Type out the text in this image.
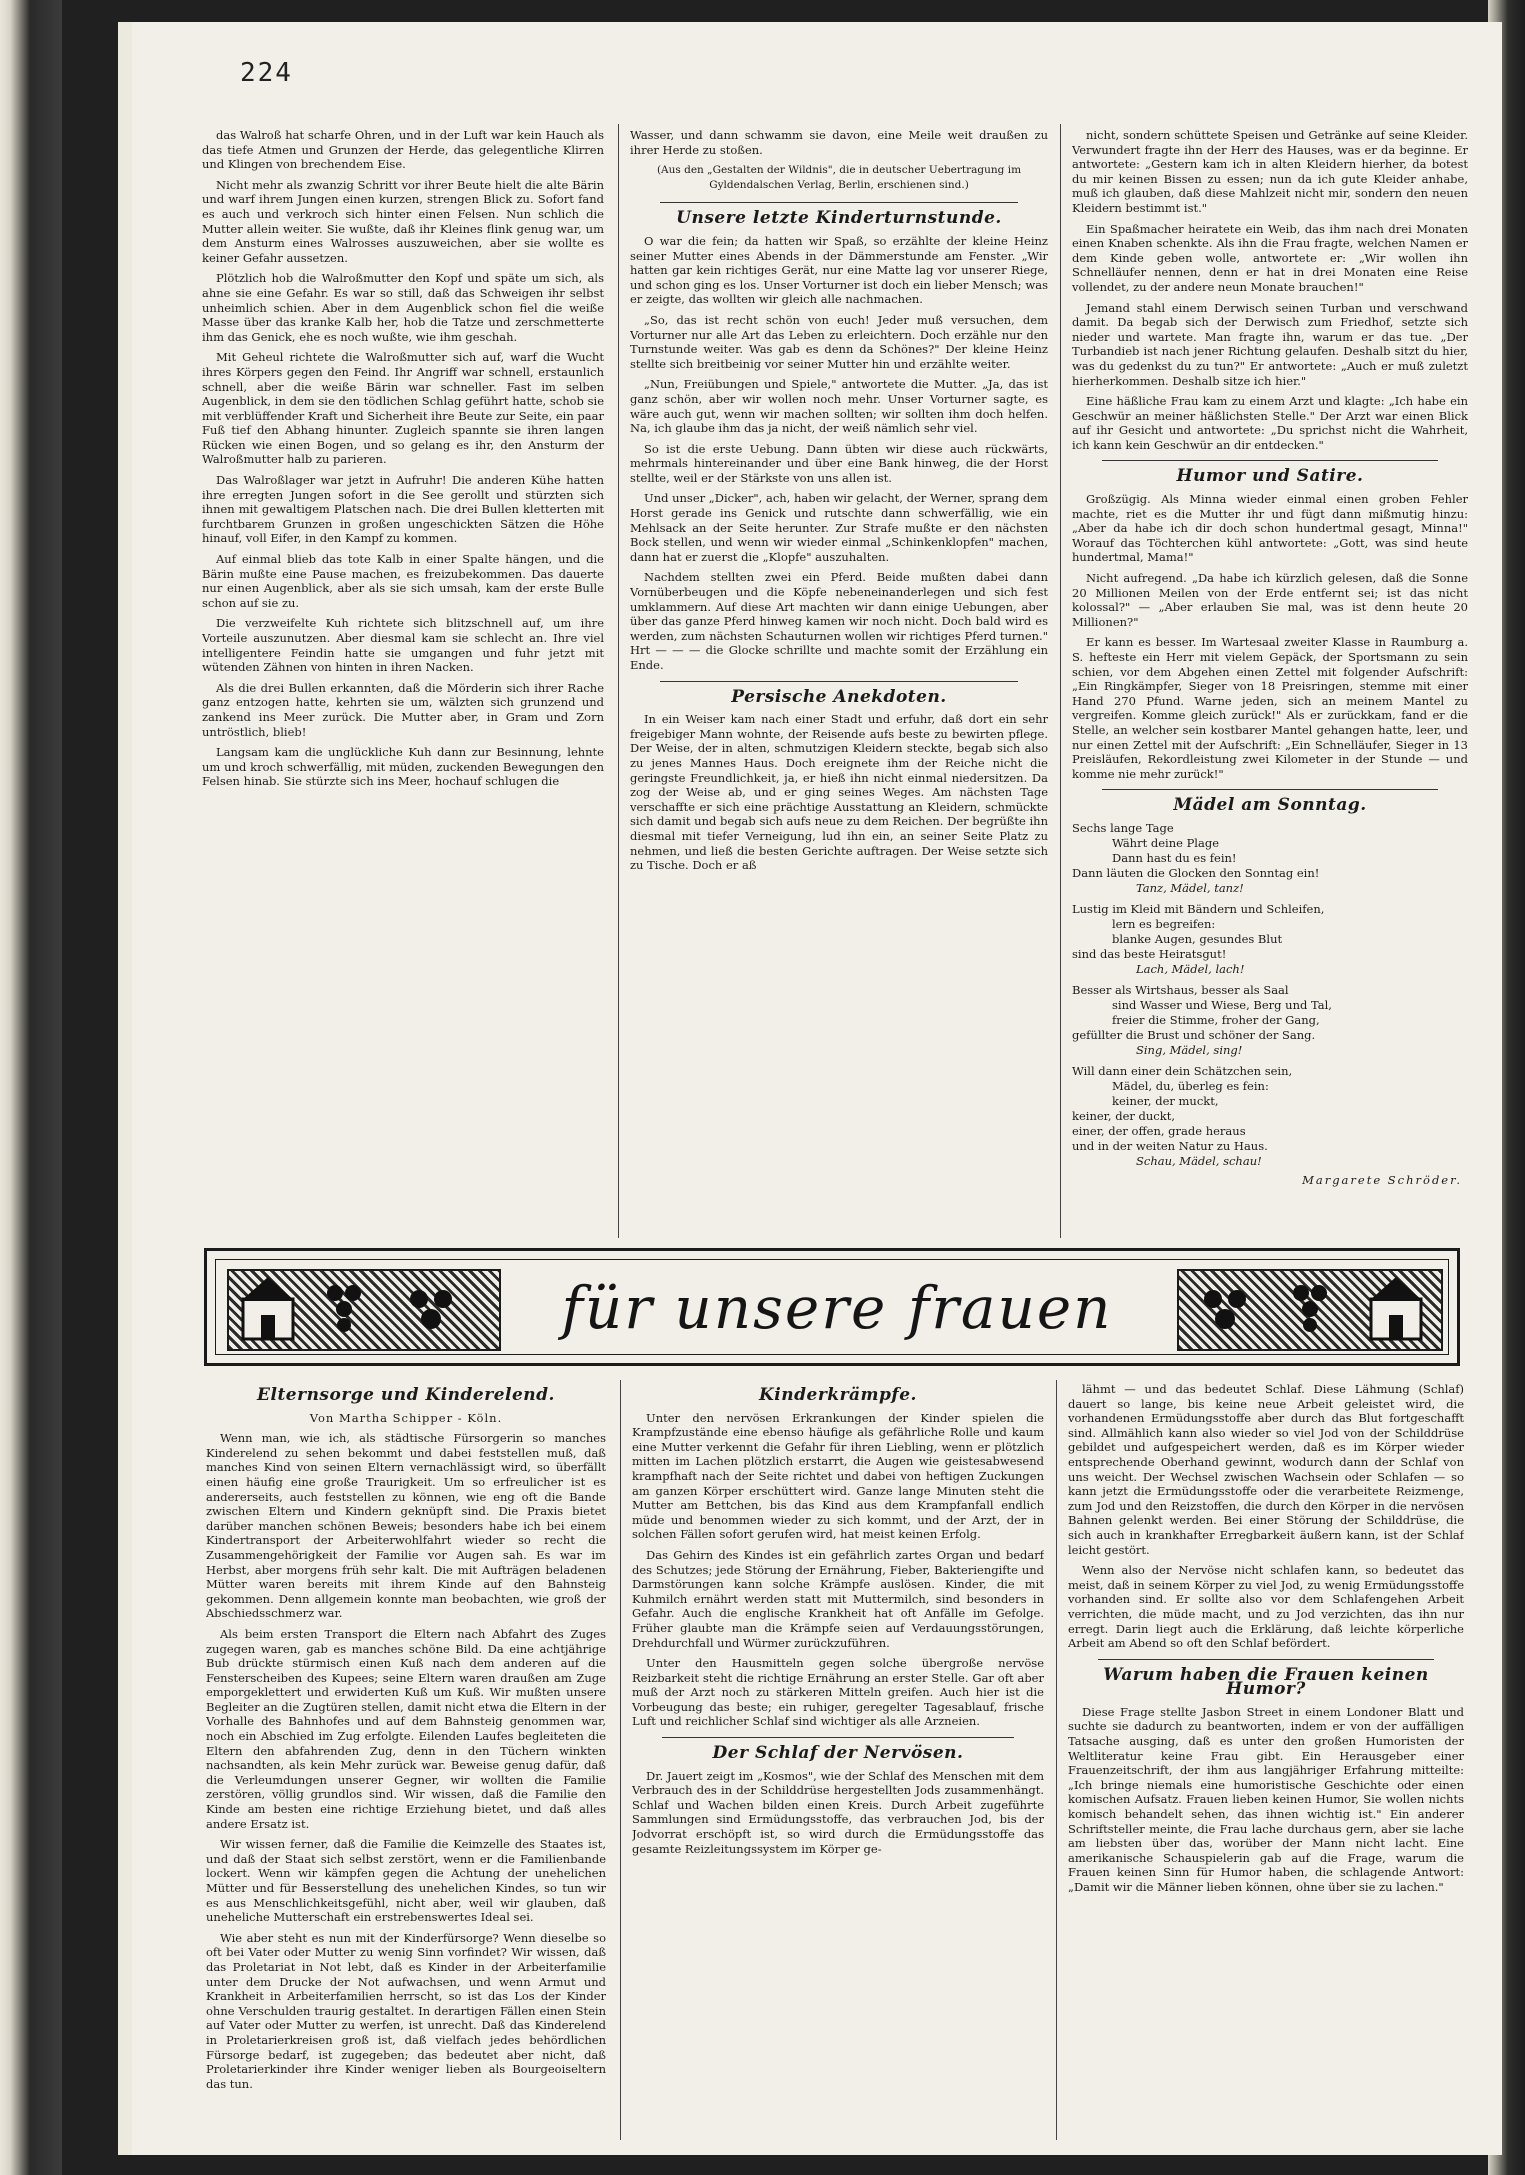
224

das Walroß hat scharfe Ohren, und in der Luft war kein Hauch als das tiefe Atmen und Grunzen der Herde, das gelegentliche Klirren und Klingen von brechendem Eise.

Nicht mehr als zwanzig Schritt vor ihrer Beute hielt die alte Bärin und warf ihrem Jungen einen kurzen, strengen Blick zu. Sofort fand es auch und verkroch sich hinter einen Felsen. Nun schlich die Mutter allein weiter. Sie wußte, daß ihr Kleines flink genug war, um dem Ansturm eines Walrosses auszuweichen, aber sie wollte es keiner Gefahr aussetzen.

Plötzlich hob die Walroßmutter den Kopf und späte um sich, als ahne sie eine Gefahr. Es war so still, daß das Schweigen ihr selbst unheimlich schien. Aber in dem Augenblick schon fiel die weiße Masse über das kranke Kalb her, hob die Tatze und zerschmetterte ihm das Genick, ehe es noch wußte, wie ihm geschah.

Mit Geheul richtete die Walroßmutter sich auf, warf die Wucht ihres Körpers gegen den Feind. Ihr Angriff war schnell, erstaunlich schnell, aber die weiße Bärin war schneller. Fast im selben Augenblick, in dem sie den tödlichen Schlag geführt hatte, schob sie mit verblüffender Kraft und Sicherheit ihre Beute zur Seite, ein paar Fuß tief den Abhang hinunter. Zugleich spannte sie ihren langen Rücken wie einen Bogen, und so gelang es ihr, den Ansturm der Walroßmutter halb zu parieren.

Das Walroßlager war jetzt in Aufruhr! Die anderen Kühe hatten ihre erregten Jungen sofort in die See gerollt und stürzten sich ihnen mit gewaltigem Platschen nach. Die drei Bullen kletterten mit furchtbarem Grunzen in großen ungeschickten Sätzen die Höhe hinauf, voll Eifer, in den Kampf zu kommen.

Auf einmal blieb das tote Kalb in einer Spalte hängen, und die Bärin mußte eine Pause machen, es freizubekommen. Das dauerte nur einen Augenblick, aber als sie sich umsah, kam der erste Bulle schon auf sie zu.

Die verzweifelte Kuh richtete sich blitzschnell auf, um ihre Vorteile auszunutzen. Aber diesmal kam sie schlecht an. Ihre viel intelligentere Feindin hatte sie umgangen und fuhr jetzt mit wütenden Zähnen von hinten in ihren Nacken.

Als die drei Bullen erkannten, daß die Mörderin sich ihrer Rache ganz entzogen hatte, kehrten sie um, wälzten sich grunzend und zankend ins Meer zurück. Die Mutter aber, in Gram und Zorn untröstlich, blieb!

Langsam kam die unglückliche Kuh dann zur Besinnung, lehnte um und kroch schwerfällig, mit müden, zuckenden Bewegungen den Felsen hinab. Sie stürzte sich ins Meer, hochauf schlugen die

Wasser, und dann schwamm sie davon, eine Meile weit draußen zu ihrer Herde zu stoßen.

(Aus den „Gestalten der Wildnis", die in deutscher Uebertragung im Gyldendalschen Verlag, Berlin, erschienen sind.)
Unsere letzte Kinderturnstunde.

O war die fein; da hatten wir Spaß, so erzählte der kleine Heinz seiner Mutter eines Abends in der Dämmerstunde am Fenster. „Wir hatten gar kein richtiges Gerät, nur eine Matte lag vor unserer Riege, und schon ging es los. Unser Vorturner ist doch ein lieber Mensch; was er zeigte, das wollten wir gleich alle nachmachen.

„So, das ist recht schön von euch! Jeder muß versuchen, dem Vorturner nur alle Art das Leben zu erleichtern. Doch erzähle nur den Turnstunde weiter. Was gab es denn da Schönes?" Der kleine Heinz stellte sich breitbeinig vor seiner Mutter hin und erzählte weiter.

„Nun, Freiübungen und Spiele," antwortete die Mutter. „Ja, das ist ganz schön, aber wir wollen noch mehr. Unser Vorturner sagte, es wäre auch gut, wenn wir machen sollten; wir sollten ihm doch helfen. Na, ich glaube ihm das ja nicht, der weiß nämlich sehr viel.

So ist die erste Uebung. Dann übten wir diese auch rückwärts, mehrmals hintereinander und über eine Bank hinweg, die der Horst stellte, weil er der Stärkste von uns allen ist.

Und unser „Dicker", ach, haben wir gelacht, der Werner, sprang dem Horst gerade ins Genick und rutschte dann schwerfällig, wie ein Mehlsack an der Seite herunter. Zur Strafe mußte er den nächsten Bock stellen, und wenn wir wieder einmal „Schinkenklopfen" machen, dann hat er zuerst die „Klopfe" auszuhalten.

Nachdem stellten zwei ein Pferd. Beide mußten dabei dann Vornüberbeugen und die Köpfe nebeneinanderlegen und sich fest umklammern. Auf diese Art machten wir dann einige Uebungen, aber über das ganze Pferd hinweg kamen wir noch nicht. Doch bald wird es werden, zum nächsten Schauturnen wollen wir richtiges Pferd turnen." Hrt — — — die Glocke schrillte und machte somit der Erzählung ein Ende.

Persische Anekdoten.

In ein Weiser kam nach einer Stadt und erfuhr, daß dort ein sehr freigebiger Mann wohnte, der Reisende aufs beste zu bewirten pflege. Der Weise, der in alten, schmutzigen Kleidern steckte, begab sich also zu jenes Mannes Haus. Doch ereignete ihm der Reiche nicht die geringste Freundlichkeit, ja, er hieß ihn nicht einmal niedersitzen. Da zog der Weise ab, und er ging seines Weges. Am nächsten Tage verschaffte er sich eine prächtige Ausstattung an Kleidern, schmückte sich damit und begab sich aufs neue zu dem Reichen. Der begrüßte ihn diesmal mit tiefer Verneigung, lud ihn ein, an seiner Seite Platz zu nehmen, und ließ die besten Gerichte auftragen. Der Weise setzte sich zu Tische. Doch er aß

nicht, sondern schüttete Speisen und Getränke auf seine Kleider. Verwundert fragte ihn der Herr des Hauses, was er da beginne. Er antwortete: „Gestern kam ich in alten Kleidern hierher, da botest du mir keinen Bissen zu essen; nun da ich gute Kleider anhabe, muß ich glauben, daß diese Mahlzeit nicht mir, sondern den neuen Kleidern bestimmt ist."

Ein Spaßmacher heiratete ein Weib, das ihm nach drei Monaten einen Knaben schenkte. Als ihn die Frau fragte, welchen Namen er dem Kinde geben wolle, antwortete er: „Wir wollen ihn Schnelläufer nennen, denn er hat in drei Monaten eine Reise vollendet, zu der andere neun Monate brauchen!"

Jemand stahl einem Derwisch seinen Turban und verschwand damit. Da begab sich der Derwisch zum Friedhof, setzte sich nieder und wartete. Man fragte ihn, warum er das tue. „Der Turbandieb ist nach jener Richtung gelaufen. Deshalb sitzt du hier, was du gedenkst du zu tun?" Er antwortete: „Auch er muß zuletzt hierherkommen. Deshalb sitze ich hier."

Eine häßliche Frau kam zu einem Arzt und klagte: „Ich habe ein Geschwür an meiner häßlichsten Stelle." Der Arzt war einen Blick auf ihr Gesicht und antwortete: „Du sprichst nicht die Wahrheit, ich kann kein Geschwür an dir entdecken."

Humor und Satire.

Großzügig. Als Minna wieder einmal einen groben Fehler machte, riet es die Mutter ihr und fügt dann mißmutig hinzu: „Aber da habe ich dir doch schon hundertmal gesagt, Minna!" Worauf das Töchterchen kühl antwortete: „Gott, was sind heute hundertmal, Mama!"

Nicht aufregend. „Da habe ich kürzlich gelesen, daß die Sonne 20 Millionen Meilen von der Erde entfernt sei; ist das nicht kolossal?" — „Aber erlauben Sie mal, was ist denn heute 20 Millionen?"

Er kann es besser. Im Wartesaal zweiter Klasse in Raumburg a. S. hefteste ein Herr mit vielem Gepäck, der Sportsmann zu sein schien, vor dem Abgehen einen Zettel mit folgender Aufschrift: „Ein Ringkämpfer, Sieger von 18 Preisringen, stemme mit einer Hand 270 Pfund. Warne jeden, sich an meinem Mantel zu vergreifen. Komme gleich zurück!" Als er zurückkam, fand er die Stelle, an welcher sein kostbarer Mantel gehangen hatte, leer, und nur einen Zettel mit der Aufschrift: „Ein Schnelläufer, Sieger in 13 Preisläufen, Rekordleistung zwei Kilometer in der Stunde — und komme nie mehr zurück!"

Mädel am Sonntag.
Sechs lange Tage
Währt deine Plage
Dann hast du es fein!
Dann läuten die Glocken den Sonntag ein!
Tanz, Mädel, tanz!

Lustig im Kleid mit Bändern und Schleifen,
lern es begreifen:
blanke Augen, gesundes Blut
sind das beste Heiratsgut!
Lach, Mädel, lach!

Besser als Wirtshaus, besser als Saal
sind Wasser und Wiese, Berg und Tal,
freier die Stimme, froher der Gang,
gefüllter die Brust und schöner der Sang.
Sing, Mädel, sing!

Will dann einer dein Schätzchen sein,
Mädel, du, überleg es fein:
keiner, der muckt,
keiner, der duckt,
einer, der offen, grade heraus
und in der weiten Natur zu Haus.
Schau, Mädel, schau!
Margarete Schröder.
für unsere frauen
Elternsorge und Kinderelend.
Von Martha Schipper - Köln.

Wenn man, wie ich, als städtische Fürsorgerin so manches Kinderelend zu sehen bekommt und dabei feststellen muß, daß manches Kind von seinen Eltern vernachlässigt wird, so überfällt einen häufig eine große Traurigkeit. Um so erfreulicher ist es andererseits, auch feststellen zu können, wie eng oft die Bande zwischen Eltern und Kindern geknüpft sind. Die Praxis bietet darüber manchen schönen Beweis; besonders habe ich bei einem Kindertransport der Arbeiterwohlfahrt wieder so recht die Zusammengehörigkeit der Familie vor Augen sah. Es war im Herbst, aber morgens früh sehr kalt. Die mit Aufträgen beladenen Mütter waren bereits mit ihrem Kinde auf den Bahnsteig gekommen. Denn allgemein konnte man beobachten, wie groß der Abschiedsschmerz war.

Als beim ersten Transport die Eltern nach Abfahrt des Zuges zugegen waren, gab es manches schöne Bild. Da eine achtjährige Bub drückte stürmisch einen Kuß nach dem anderen auf die Fensterscheiben des Kupees; seine Eltern waren draußen am Zuge emporgeklettert und erwiderten Kuß um Kuß. Wir mußten unsere Begleiter an die Zugtüren stellen, damit nicht etwa die Eltern in der Vorhalle des Bahnhofes und auf dem Bahnsteig genommen war, noch ein Abschied im Zug erfolgte. Eilenden Laufes begleiteten die Eltern den abfahrenden Zug, denn in den Tüchern winkten nachsandten, als kein Mehr zurück war. Beweise genug dafür, daß die Verleumdungen unserer Gegner, wir wollten die Familie zerstören, völlig grundlos sind. Wir wissen, daß die Familie den Kinde am besten eine richtige Erziehung bietet, und daß alles andere Ersatz ist.

Wir wissen ferner, daß die Familie die Keimzelle des Staates ist, und daß der Staat sich selbst zerstört, wenn er die Familienbande lockert. Wenn wir kämpfen gegen die Achtung der unehelichen Mütter und für Besserstellung des unehelichen Kindes, so tun wir es aus Menschlichkeitsgefühl, nicht aber, weil wir glauben, daß uneheliche Mutterschaft ein erstrebenswertes Ideal sei.

Wie aber steht es nun mit der Kinderfürsorge? Wenn dieselbe so oft bei Vater oder Mutter zu wenig Sinn vorfindet? Wir wissen, daß das Proletariat in Not lebt, daß es Kinder in der Arbeiterfamilie unter dem Drucke der Not aufwachsen, und wenn Armut und Krankheit in Arbeiterfamilien herrscht, so ist das Los der Kinder ohne Verschulden traurig gestaltet. In derartigen Fällen einen Stein auf Vater oder Mutter zu werfen, ist unrecht. Daß das Kinderelend in Proletarierkreisen groß ist, daß vielfach jedes behördlichen Fürsorge bedarf, ist zugegeben; das bedeutet aber nicht, daß Proletarierkinder ihre Kinder weniger lieben als Bourgeoiseltern das tun.

Kinderkrämpfe.

Unter den nervösen Erkrankungen der Kinder spielen die Krampfzustände eine ebenso häufige als gefährliche Rolle und kaum eine Mutter verkennt die Gefahr für ihren Liebling, wenn er plötzlich mitten im Lachen plötzlich erstarrt, die Augen wie geistesabwesend krampfhaft nach der Seite richtet und dabei von heftigen Zuckungen am ganzen Körper erschüttert wird. Ganze lange Minuten steht die Mutter am Bettchen, bis das Kind aus dem Krampfanfall endlich müde und benommen wieder zu sich kommt, und der Arzt, der in solchen Fällen sofort gerufen wird, hat meist keinen Erfolg.

Das Gehirn des Kindes ist ein gefährlich zartes Organ und bedarf des Schutzes; jede Störung der Ernährung, Fieber, Bakteriengifte und Darmstörungen kann solche Krämpfe auslösen. Kinder, die mit Kuhmilch ernährt werden statt mit Muttermilch, sind besonders in Gefahr. Auch die englische Krankheit hat oft Anfälle im Gefolge. Früher glaubte man die Krämpfe seien auf Verdauungsstörungen, Drehdurchfall und Würmer zurückzuführen.

Unter den Hausmitteln gegen solche übergroße nervöse Reizbarkeit steht die richtige Ernährung an erster Stelle. Gar oft aber muß der Arzt noch zu stärkeren Mitteln greifen. Auch hier ist die Vorbeugung das beste; ein ruhiger, geregelter Tagesablauf, frische Luft und reichlicher Schlaf sind wichtiger als alle Arzneien.

Der Schlaf der Nervösen.

Dr. Jauert zeigt im „Kosmos", wie der Schlaf des Menschen mit dem Verbrauch des in der Schilddrüse hergestellten Jods zusammenhängt. Schlaf und Wachen bilden einen Kreis. Durch Arbeit zugeführte Sammlungen sind Ermüdungsstoffe, das verbrauchen Jod, bis der Jodvorrat erschöpft ist, so wird durch die Ermüdungsstoffe das gesamte Reizleitungssystem im Körper ge-

lähmt — und das bedeutet Schlaf. Diese Lähmung (Schlaf) dauert so lange, bis keine neue Arbeit geleistet wird, die vorhandenen Ermüdungsstoffe aber durch das Blut fortgeschafft sind. Allmählich kann also wieder so viel Jod von der Schilddrüse gebildet und aufgespeichert werden, daß es im Körper wieder entsprechende Oberhand gewinnt, wodurch dann der Schlaf von uns weicht. Der Wechsel zwischen Wachsein oder Schlafen — so kann jetzt die Ermüdungsstoffe oder die verarbeitete Reizmenge, zum Jod und den Reizstoffen, die durch den Körper in die nervösen Bahnen gelenkt werden. Bei einer Störung der Schilddrüse, die sich auch in krankhafter Erregbarkeit äußern kann, ist der Schlaf leicht gestört.

Wenn also der Nervöse nicht schlafen kann, so bedeutet das meist, daß in seinem Körper zu viel Jod, zu wenig Ermüdungsstoffe vorhanden sind. Er sollte also vor dem Schlafengehen Arbeit verrichten, die müde macht, und zu Jod verzichten, das ihn nur erregt. Darin liegt auch die Erklärung, daß leichte körperliche Arbeit am Abend so oft den Schlaf befördert.

Warum haben die Frauen keinen Humor?

Diese Frage stellte Jasbon Street in einem Londoner Blatt und suchte sie dadurch zu beantworten, indem er von der auffälligen Tatsache ausging, daß es unter den großen Humoristen der Weltliteratur keine Frau gibt. Ein Herausgeber einer Frauenzeitschrift, der ihm aus langjähriger Erfahrung mitteilte: „Ich bringe niemals eine humoristische Geschichte oder einen komischen Aufsatz. Frauen lieben keinen Humor, Sie wollen nichts komisch behandelt sehen, das ihnen wichtig ist." Ein anderer Schriftsteller meinte, die Frau lache durchaus gern, aber sie lache am liebsten über das, worüber der Mann nicht lacht. Eine amerikanische Schauspielerin gab auf die Frage, warum die Frauen keinen Sinn für Humor haben, die schlagende Antwort: „Damit wir die Männer lieben können, ohne über sie zu lachen."
